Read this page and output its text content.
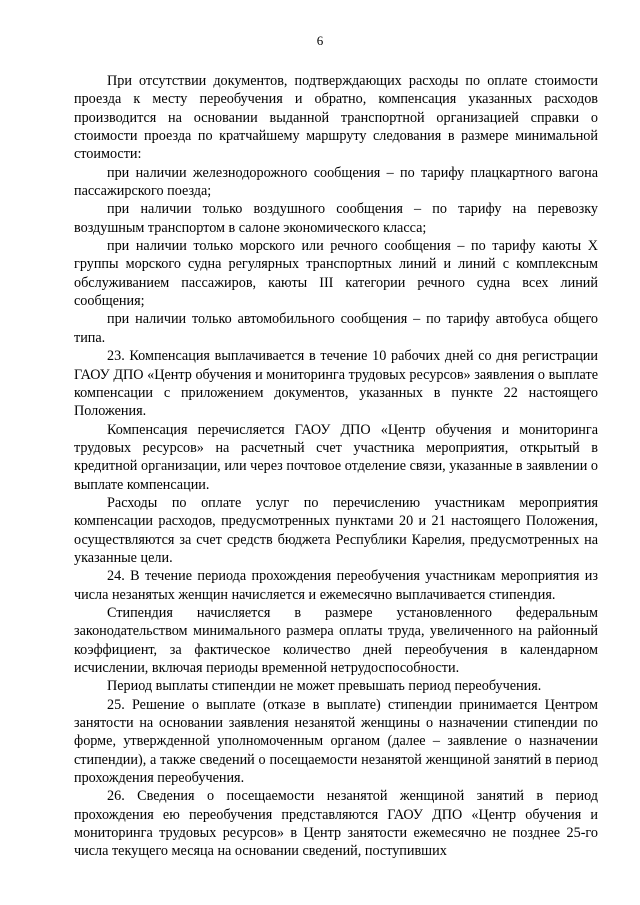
6

При отсутствии документов, подтверждающих расходы по оплате стоимости проезда к месту переобучения и обратно, компенсация указанных расходов производится на основании выданной транспортной организацией справки о стоимости проезда по кратчайшему маршруту следования в размере минимальной стоимости:

при наличии железнодорожного сообщения – по тарифу плацкартного вагона пассажирского поезда;

при наличии только воздушного сообщения – по тарифу на перевозку воздушным транспортом в салоне экономического класса;

при наличии только морского или речного сообщения – по тарифу каюты X группы морского судна регулярных транспортных линий и линий с комплексным обслуживанием пассажиров, каюты III категории речного судна всех линий сообщения;

при наличии только автомобильного сообщения – по тарифу автобуса общего типа.

23. Компенсация выплачивается в течение 10 рабочих дней со дня регистрации ГАОУ ДПО «Центр обучения и мониторинга трудовых ресурсов» заявления о выплате компенсации с приложением документов, указанных в пункте 22 настоящего Положения.

Компенсация перечисляется ГАОУ ДПО «Центр обучения и мониторинга трудовых ресурсов» на расчетный счет участника мероприятия, открытый в кредитной организации, или через почтовое отделение связи, указанные в заявлении о выплате компенсации.

Расходы по оплате услуг по перечислению участникам мероприятия компенсации расходов, предусмотренных пунктами 20 и 21 настоящего Положения, осуществляются за счет средств бюджета Республики Карелия, предусмотренных на указанные цели.

24. В течение периода прохождения переобучения участникам мероприятия из числа незанятых женщин начисляется и ежемесячно выплачивается стипендия.

Стипендия начисляется в размере установленного федеральным законодательством минимального размера оплаты труда, увеличенного на районный коэффициент, за фактическое количество дней переобучения в календарном исчислении, включая периоды временной нетрудоспособности.

Период выплаты стипендии не может превышать период переобучения.

25. Решение о выплате (отказе в выплате) стипендии принимается Центром занятости на основании заявления незанятой женщины о назначении стипендии по форме, утвержденной уполномоченным органом (далее – заявление о назначении стипендии), а также сведений о посещаемости незанятой женщиной занятий в период прохождения переобучения.

26. Сведения о посещаемости незанятой женщиной занятий в период прохождения ею переобучения представляются ГАОУ ДПО «Центр обучения и мониторинга трудовых ресурсов» в Центр занятости ежемесячно не позднее 25-го числа текущего месяца на основании сведений, поступивших
